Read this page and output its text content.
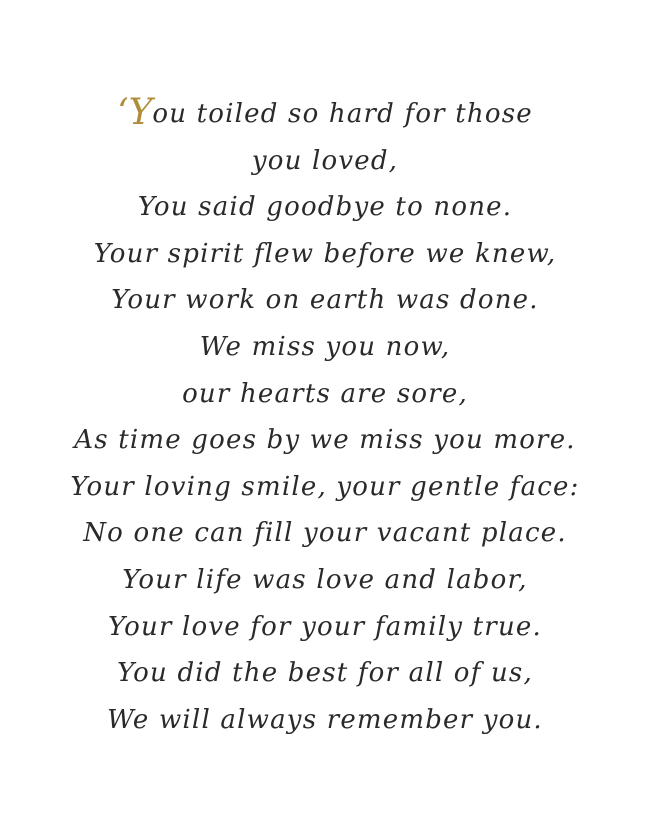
‘You toiled so hard for those
you loved,
You said goodbye to none.
Your spirit flew before we knew,
Your work on earth was done.
We miss you now,
our hearts are sore,
As time goes by we miss you more.
Your loving smile, your gentle face:
No one can fill your vacant place.
Your life was love and labor,
Your love for your family true.
You did the best for all of us,
We will always remember you.
